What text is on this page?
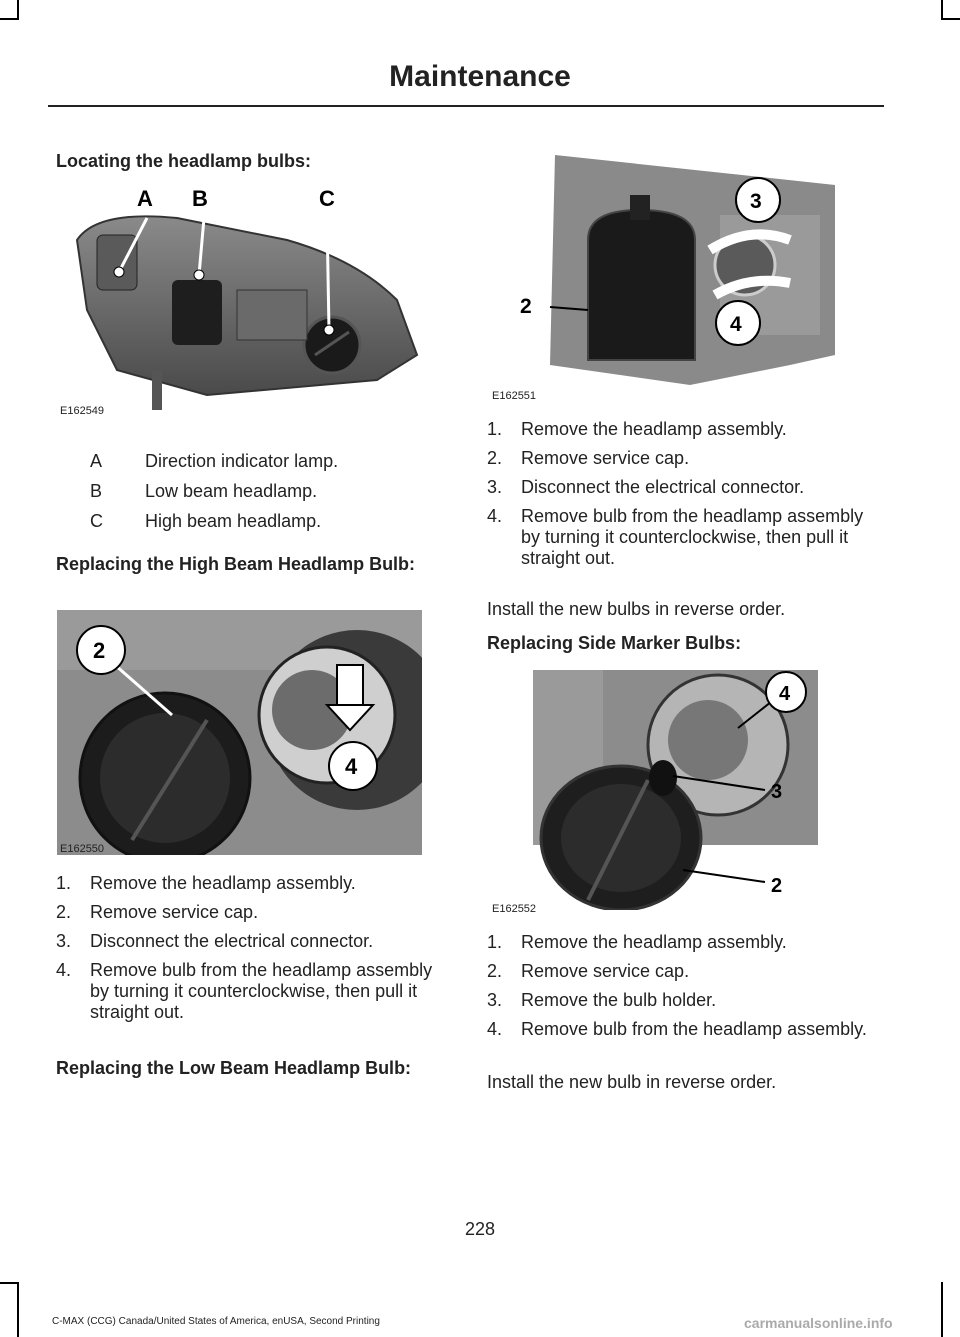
Maintenance

Locating the headlamp bulbs:

A B	C
E162549
A	Direction indicator lamp.
B	Low beam headlamp.
C	High beam headlamp.

Replacing the High Beam Headlamp Bulb:

2
4
E162550
1. Remove the headlamp assembly.
2. Remove service cap.
3. Disconnect the electrical connector.
4. Remove bulb from the headlamp assembly by turning it counterclockwise, then pull it straight out.

Replacing the Low Beam Headlamp Bulb:

3
2
4
E162551
1. Remove the headlamp assembly.
2. Remove service cap.
3. Disconnect the electrical connector.
4. Remove bulb from the headlamp assembly by turning it counterclockwise, then pull it straight out.

Install the new bulbs in reverse order.

Replacing Side Marker Bulbs:

4
3
2
E162552
1. Remove the headlamp assembly.
2. Remove service cap.
3. Remove the bulb holder.
4. Remove bulb from the headlamp assembly.

Install the new bulb in reverse order.

228
C-MAX (CCG) Canada/United States of America, enUSA, Second Printing	carmanualsonline.info
